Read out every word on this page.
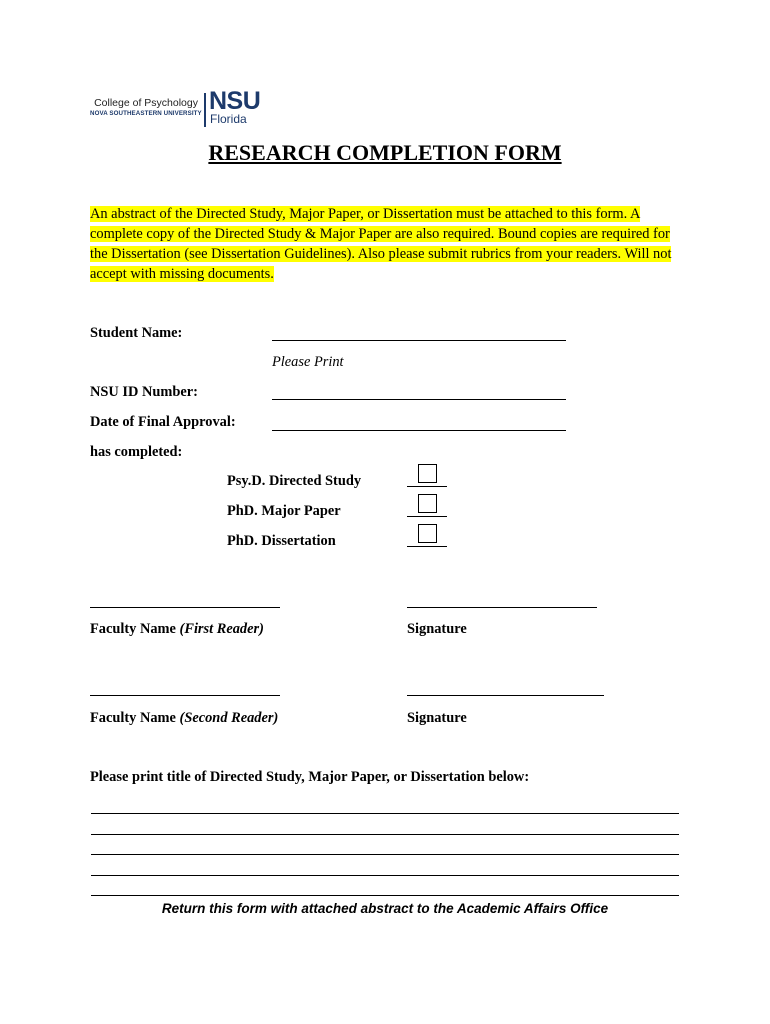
College of Psychology
NOVA SOUTHEASTERN UNIVERSITY NSU
Florida
RESEARCH COMPLETION FORM
An abstract of the Directed Study, Major Paper, or Dissertation must be attached to this form. A complete copy of the Directed Study & Major Paper are also required. Bound copies are required for the Dissertation (see Dissertation Guidelines). Also please submit rubrics from your readers. Will not accept with missing documents.
Student Name:
Please Print
NSU ID Number:
Date of Final Approval:
has completed:
Psy.D. Directed Study
PhD. Major Paper
PhD. Dissertation
Faculty Name (First Reader)	Signature
Faculty Name (Second Reader)	Signature
Please print title of Directed Study, Major Paper, or Dissertation below:
Return this form with attached abstract to the Academic Affairs Office
